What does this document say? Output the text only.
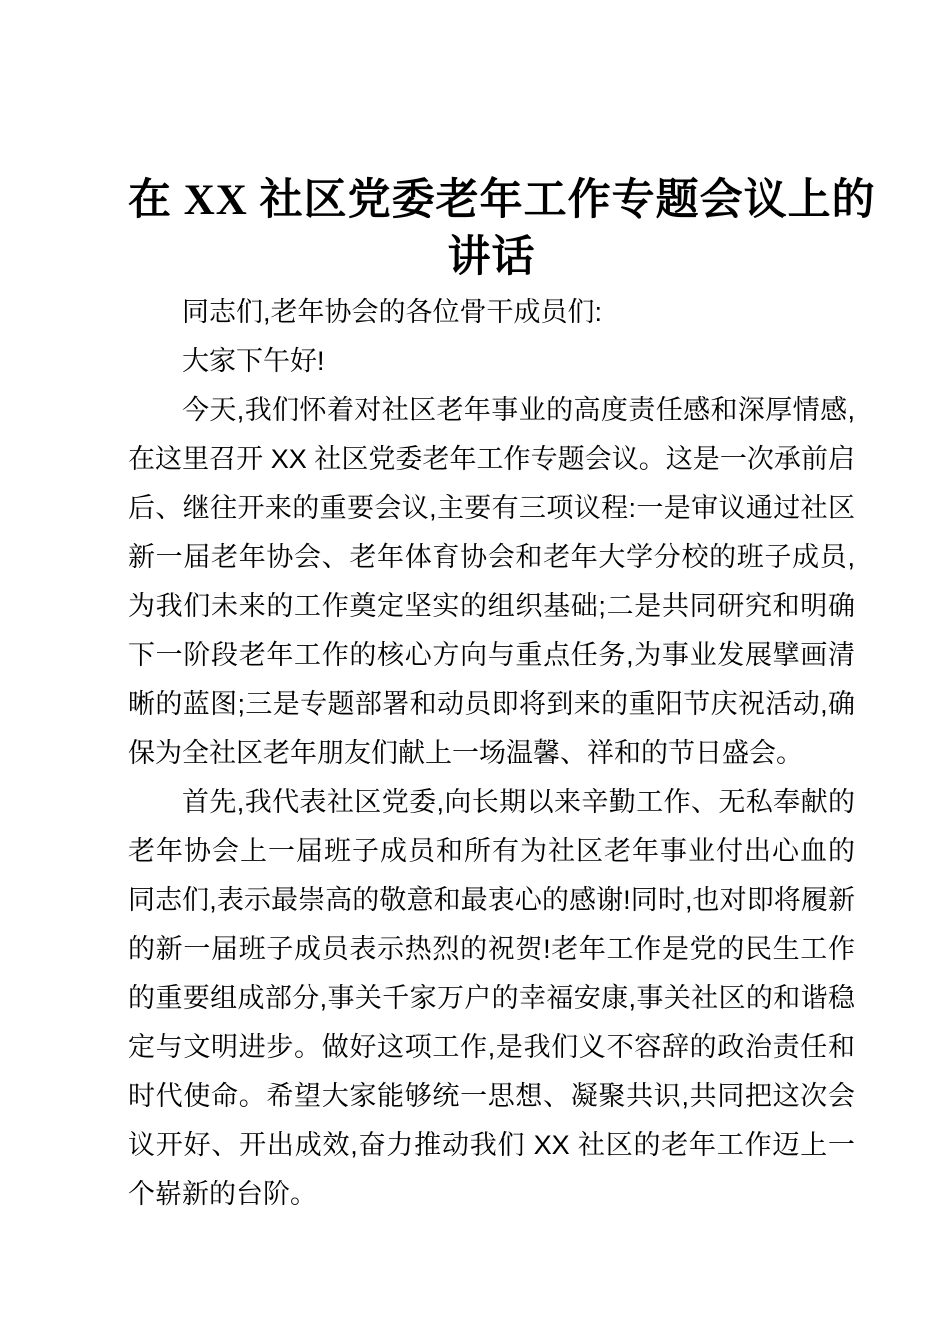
在 XX 社区党委老年工作专题会议上的
讲话

同志们,老年协会的各位骨干成员们:

大家下午好!

今天,我们怀着对社区老年事业的高度责任感和深厚情感,在这里召开 XX 社区党委老年工作专题会议。这是一次承前启后、继往开来的重要会议,主要有三项议程:一是审议通过社区新一届老年协会、老年体育协会和老年大学分校的班子成员,为我们未来的工作奠定坚实的组织基础;二是共同研究和明确下一阶段老年工作的核心方向与重点任务,为事业发展擘画清晰的蓝图;三是专题部署和动员即将到来的重阳节庆祝活动,确保为全社区老年朋友们献上一场温馨、祥和的节日盛会。

首先,我代表社区党委,向长期以来辛勤工作、无私奉献的老年协会上一届班子成员和所有为社区老年事业付出心血的同志们,表示最崇高的敬意和最衷心的感谢!同时,也对即将履新的新一届班子成员表示热烈的祝贺!老年工作是党的民生工作的重要组成部分,事关千家万户的幸福安康,事关社区的和谐稳定与文明进步。做好这项工作,是我们义不容辞的政治责任和时代使命。希望大家能够统一思想、凝聚共识,共同把这次会议开好、开出成效,奋力推动我们 XX 社区的老年工作迈上一个崭新的台阶。
